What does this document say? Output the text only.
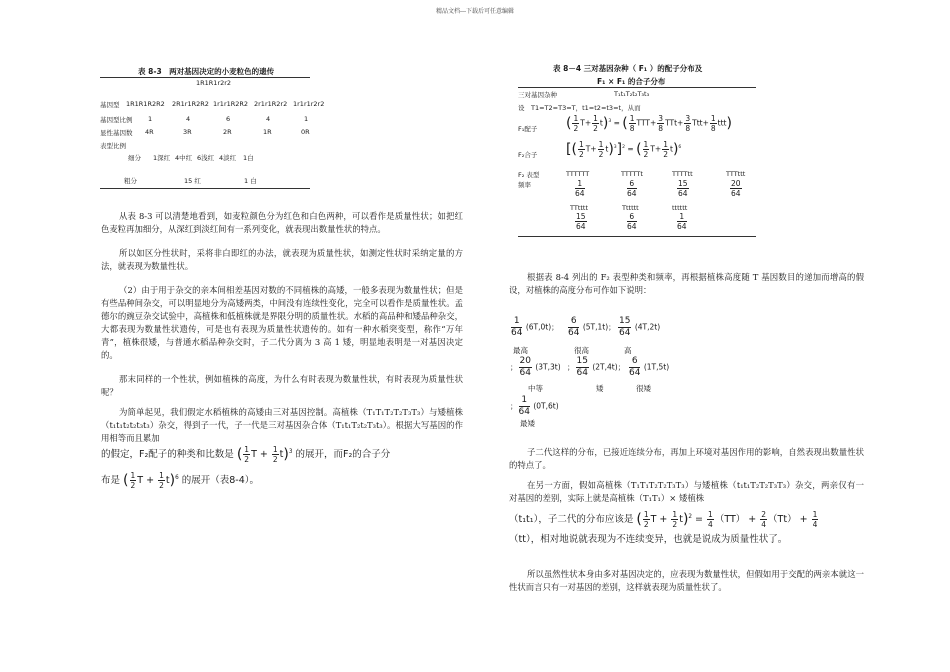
精品文档---下载后可任意编辑
表 8-3　两对基因决定的小麦粒色的遗传
1R1R1r2r2
基因型 1R1R1R2R2 2R1r1R2R2 1r1r1R2R2 2r1r1R2r2 1r1r1r2r2
基因型比例 1	4	6	4	1
显性基因数 4R	3R	2R	1R	0R
表型比例
细分 1深红 4中红 6浅红 4淡红 1白
粗分	15 红	1 白

从表 8-3 可以清楚地看到，如麦粒颜色分为红色和白色两种，可以看作是质量性状；如把红色麦粒再加细分，从深红到淡红间有一系列变化，就表现出数量性状的特点。

所以如区分性状时，采将非白即红的办法，就表现为质量性状，如测定性状时采纳定量的方法，就表现为数量性状。

（2）由于用于杂交的亲本间相差基因对数的不同植株的高矮，一般多表现为数量性状；但是有些品种间杂交，可以明显地分为高矮两类，中间没有连续性变化，完全可以看作是质量性状。孟德尔的豌豆杂交试验中，高植株和低植株就是界限分明的质量性状。水稻的高品种和矮品种杂交，大都表现为数量性状遗传，可是也有表现为质量性状遗传的。如有一种水稻突变型，称作“万年青”，植株很矮，与普通水稻品种杂交时，子二代分离为 3 高 1 矮，明显地表明是一对基因决定的。

那末同样的一个性状，例如植株的高度，为什么有时表现为数量性状，有时表现为质量性状呢？

为简单起见，我们假定水稻植株的高矮由三对基因控制。高植株（T₁T₁T₂T₂T₃T₃）与矮植株（t₁t₁t₂t₂t₃t₃）杂交，得到子一代，子一代是三对基因杂合体（T₁t₁T₂t₂T₃t₃）。根据大写基因的作用相等而且累加

的假定，F₂配子的种类和比数是 ( $\frac{1}{2}$ $T + \frac{1}{2} t)^3$ 的展开，而F₂的合子分
布是 ( $\frac{1}{2}$ $T + \frac{1}{2} t)^6$ 的展开（表8-4）。
表 8－4 三对基因杂种（ F₁ ）的配子分布及
F₁ × F₁ 的合子分布
三对基因杂种	T₁t₁T₂t₂T₃t₃
设　T1=T2=T3=T，t1=t2=t3=t，从而
F₁配子 ( $\frac{1}{2} T+ \frac{1}{2} t)^3$ = ( $\frac{1}{8} TTT+ \frac{3}{8} TTt+ \frac{3}{8} Ttt+ \frac{1}{8} ttt$)
F₂合子 [( $\frac{1}{2} T+ \frac{1}{2} t)^3]^2$ = ( $\frac{1}{2} T+ \frac{1}{2} t)^6$
F₂ 表型
频率
TTTTTT	TTTTTt	TTTTtt	TTTttt
$\frac{1}{64}$	$\frac{6}{64}$	$\frac{15}{64}$	$\frac{20}{64}$
TTtttt	Tttttt	tttttt
$\frac{15}{64}$	$\frac{6}{64}$	$\frac{1}{64}$

根据表 8-4 列出的 F₂ 表型种类和频率，再根据植株高度随 T 基因数目的递加而增高的假设，对植株的高度分布可作如下说明：

$\frac{1}{64} (6T,0t)$； $\frac{6}{64} (5T,1t)$； $\frac{15}{64} (4T,2t)$
最高	很高	高
； $\frac{20}{64} (3T,3t)$ ； $\frac{15}{64} (2T,4t)$； $\frac{6}{64} (1T,5t)$
中等	矮	很矮
； $\frac{1}{64} (0T,6t)$
最矮

子二代这样的分布，已接近连续分布，再加上环境对基因作用的影响，自然表现出数量性状的特点了。

在另一方面，假如高植株（T₁T₁T₂T₂T₃T₃）与矮植株（t₁t₁T₂T₂T₃T₃）杂交，两亲仅有一对基因的差别，实际上就是高植株（T₁T₁）× 矮植株

（t₁t₁），子二代的分布应该是 ( $\frac{1}{2}$ $T + \frac{1}{2} t)^2 = \frac{1}{4} (TT) + \frac{2}{4} (Tt) + \frac{1}{4}$
（tt），相对地说就表现为不连续变异，也就是说成为质量性状了。

所以虽然性状本身由多对基因决定的，应表现为数量性状，但假如用于交配的两亲本就这一性状而言只有一对基因的差别，这样就表现为质量性状了。
